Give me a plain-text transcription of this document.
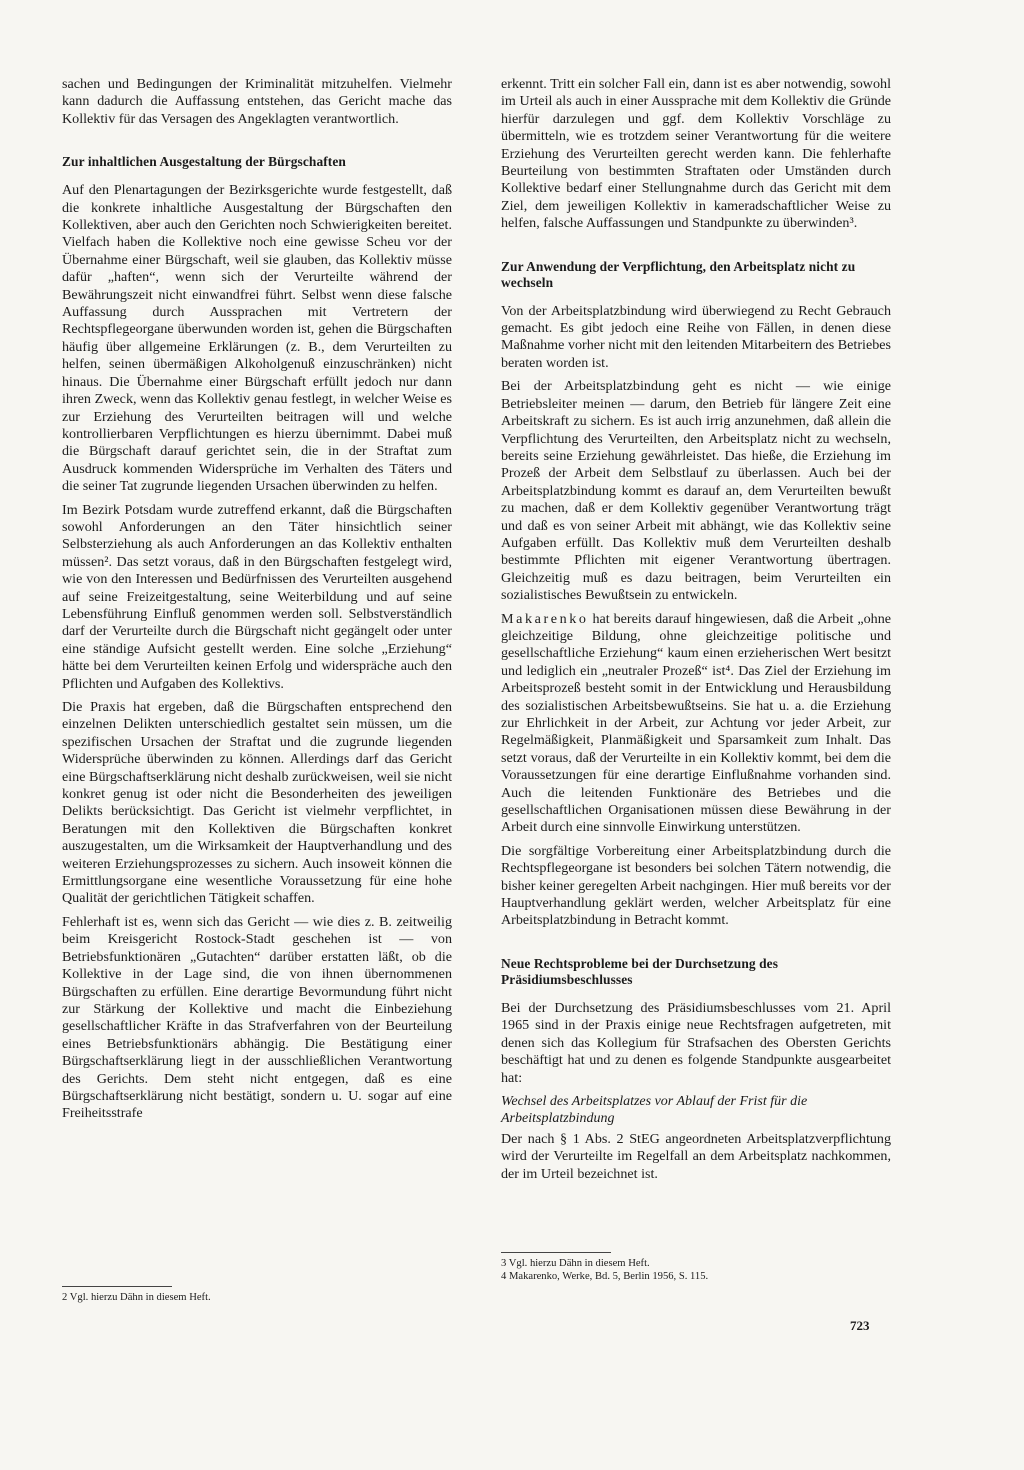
sachen und Bedingungen der Kriminalität mitzuhelfen. Vielmehr kann dadurch die Auffassung entstehen, das Gericht mache das Kollektiv für das Versagen des Angeklagten verantwortlich.

Zur inhaltlichen Ausgestaltung der Bürgschaften

Auf den Plenartagungen der Bezirksgerichte wurde festgestellt, daß die konkrete inhaltliche Ausgestaltung der Bürgschaften den Kollektiven, aber auch den Gerichten noch Schwierigkeiten bereitet. Vielfach haben die Kollektive noch eine gewisse Scheu vor der Übernahme einer Bürgschaft, weil sie glauben, das Kollektiv müsse dafür „haften“, wenn sich der Verurteilte während der Bewährungszeit nicht einwandfrei führt. Selbst wenn diese falsche Auffassung durch Aussprachen mit Vertretern der Rechtspflegeorgane überwunden worden ist, gehen die Bürgschaften häufig über allgemeine Erklärungen (z. B., dem Verurteilten zu helfen, seinen übermäßigen Alkoholgenuß einzuschränken) nicht hinaus. Die Übernahme einer Bürgschaft erfüllt jedoch nur dann ihren Zweck, wenn das Kollektiv genau festlegt, in welcher Weise es zur Erziehung des Verurteilten beitragen will und welche kontrollierbaren Verpflichtungen es hierzu übernimmt. Dabei muß die Bürgschaft darauf gerichtet sein, die in der Straftat zum Ausdruck kommenden Widersprüche im Verhalten des Täters und die seiner Tat zugrunde liegenden Ursachen überwinden zu helfen.

Im Bezirk Potsdam wurde zutreffend erkannt, daß die Bürgschaften sowohl Anforderungen an den Täter hinsichtlich seiner Selbsterziehung als auch Anforderungen an das Kollektiv enthalten müssen². Das setzt voraus, daß in den Bürgschaften festgelegt wird, wie von den Interessen und Bedürfnissen des Verurteilten ausgehend auf seine Freizeitgestaltung, seine Weiterbildung und auf seine Lebensführung Einfluß genommen werden soll. Selbstverständlich darf der Verurteilte durch die Bürgschaft nicht gegängelt oder unter eine ständige Aufsicht gestellt werden. Eine solche „Erziehung“ hätte bei dem Verurteilten keinen Erfolg und widerspräche auch den Pflichten und Aufgaben des Kollektivs.

Die Praxis hat ergeben, daß die Bürgschaften entsprechend den einzelnen Delikten unterschiedlich gestaltet sein müssen, um die spezifischen Ursachen der Straftat und die zugrunde liegenden Widersprüche überwinden zu können. Allerdings darf das Gericht eine Bürgschaftserklärung nicht deshalb zurückweisen, weil sie nicht konkret genug ist oder nicht die Besonderheiten des jeweiligen Delikts berücksichtigt. Das Gericht ist vielmehr verpflichtet, in Beratungen mit den Kollektiven die Bürgschaften konkret auszugestalten, um die Wirksamkeit der Hauptverhandlung und des weiteren Erziehungsprozesses zu sichern. Auch insoweit können die Ermittlungsorgane eine wesentliche Voraussetzung für eine hohe Qualität der gerichtlichen Tätigkeit schaffen.

Fehlerhaft ist es, wenn sich das Gericht — wie dies z. B. zeitweilig beim Kreisgericht Rostock-Stadt geschehen ist — von Betriebsfunktionären „Gutachten“ darüber erstatten läßt, ob die Kollektive in der Lage sind, die von ihnen übernommenen Bürgschaften zu erfüllen. Eine derartige Bevormundung führt nicht zur Stärkung der Kollektive und macht die Einbeziehung gesellschaftlicher Kräfte in das Strafverfahren von der Beurteilung eines Betriebsfunktionärs abhängig. Die Bestätigung einer Bürgschaftserklärung liegt in der ausschließlichen Verantwortung des Gerichts. Dem steht nicht entgegen, daß es eine Bürgschaftserklärung nicht bestätigt, sondern u. U. sogar auf eine Freiheitsstrafe

2 Vgl. hierzu Dähn in diesem Heft.

erkennt. Tritt ein solcher Fall ein, dann ist es aber notwendig, sowohl im Urteil als auch in einer Aussprache mit dem Kollektiv die Gründe hierfür darzulegen und ggf. dem Kollektiv Vorschläge zu übermitteln, wie es trotzdem seiner Verantwortung für die weitere Erziehung des Verurteilten gerecht werden kann. Die fehlerhafte Beurteilung von bestimmten Straftaten oder Umständen durch Kollektive bedarf einer Stellungnahme durch das Gericht mit dem Ziel, dem jeweiligen Kollektiv in kameradschaftlicher Weise zu helfen, falsche Auffassungen und Standpunkte zu überwinden³.

Zur Anwendung der Verpflichtung, den Arbeitsplatz nicht zu wechseln

Von der Arbeitsplatzbindung wird überwiegend zu Recht Gebrauch gemacht. Es gibt jedoch eine Reihe von Fällen, in denen diese Maßnahme vorher nicht mit den leitenden Mitarbeitern des Betriebes beraten worden ist.

Bei der Arbeitsplatzbindung geht es nicht — wie einige Betriebsleiter meinen — darum, den Betrieb für längere Zeit eine Arbeitskraft zu sichern. Es ist auch irrig anzunehmen, daß allein die Verpflichtung des Verurteilten, den Arbeitsplatz nicht zu wechseln, bereits seine Erziehung gewährleistet. Das hieße, die Erziehung im Prozeß der Arbeit dem Selbstlauf zu überlassen. Auch bei der Arbeitsplatzbindung kommt es darauf an, dem Verurteilten bewußt zu machen, daß er dem Kollektiv gegenüber Verantwortung trägt und daß es von seiner Arbeit mit abhängt, wie das Kollektiv seine Aufgaben erfüllt. Das Kollektiv muß dem Verurteilten deshalb bestimmte Pflichten mit eigener Verantwortung übertragen. Gleichzeitig muß es dazu beitragen, beim Verurteilten ein sozialistisches Bewußtsein zu entwickeln.

Makarenko hat bereits darauf hingewiesen, daß die Arbeit „ohne gleichzeitige Bildung, ohne gleichzeitige politische und gesellschaftliche Erziehung“ kaum einen erzieherischen Wert besitzt und lediglich ein „neutraler Prozeß“ ist⁴. Das Ziel der Erziehung im Arbeitsprozeß besteht somit in der Entwicklung und Herausbildung des sozialistischen Arbeitsbewußtseins. Sie hat u. a. die Erziehung zur Ehrlichkeit in der Arbeit, zur Achtung vor jeder Arbeit, zur Regelmäßigkeit, Planmäßigkeit und Sparsamkeit zum Inhalt. Das setzt voraus, daß der Verurteilte in ein Kollektiv kommt, bei dem die Voraussetzungen für eine derartige Einflußnahme vorhanden sind. Auch die leitenden Funktionäre des Betriebes und die gesellschaftlichen Organisationen müssen diese Bewährung in der Arbeit durch eine sinnvolle Einwirkung unterstützen.

Die sorgfältige Vorbereitung einer Arbeitsplatzbindung durch die Rechtspflegeorgane ist besonders bei solchen Tätern notwendig, die bisher keiner geregelten Arbeit nachgingen. Hier muß bereits vor der Hauptverhandlung geklärt werden, welcher Arbeitsplatz für eine Arbeitsplatzbindung in Betracht kommt.

Neue Rechtsprobleme bei der Durchsetzung des Präsidiumsbeschlusses

Bei der Durchsetzung des Präsidiumsbeschlusses vom 21. April 1965 sind in der Praxis einige neue Rechtsfragen aufgetreten, mit denen sich das Kollegium für Strafsachen des Obersten Gerichts beschäftigt hat und zu denen es folgende Standpunkte ausgearbeitet hat:

Wechsel des Arbeitsplatzes vor Ablauf der Frist für die Arbeitsplatzbindung

Der nach § 1 Abs. 2 StEG angeordneten Arbeitsplatzverpflichtung wird der Verurteilte im Regelfall an dem Arbeitsplatz nachkommen, der im Urteil bezeichnet ist.

3 Vgl. hierzu Dähn in diesem Heft.

4 Makarenko, Werke, Bd. 5, Berlin 1956, S. 115.

723
